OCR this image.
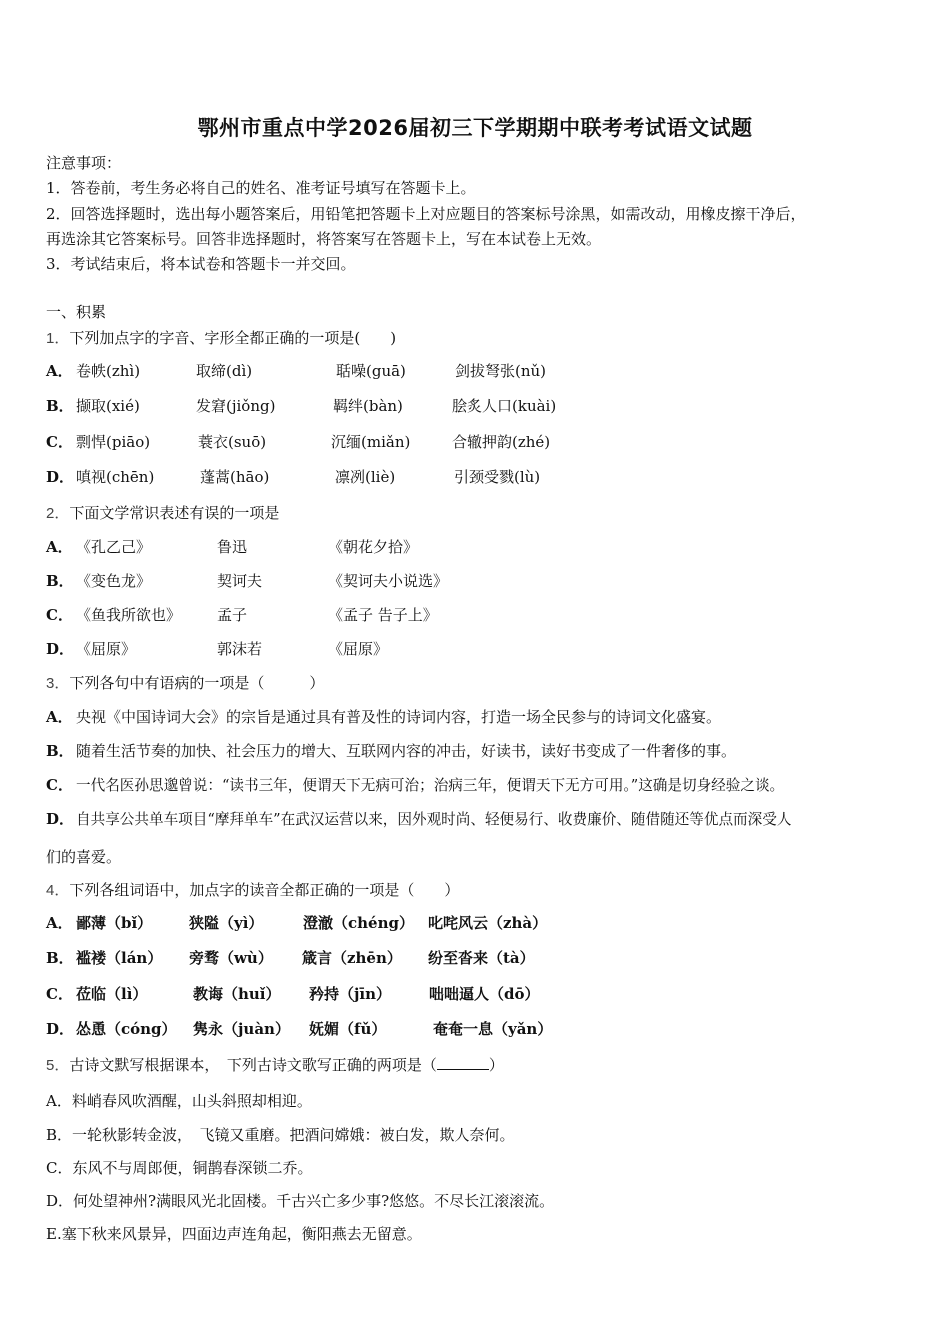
鄂州市重点中学2026届初三下学期期中联考考试语文试题
注意事项：
1．答卷前，考生务必将自己的姓名、准考证号填写在答题卡上。
2．回答选择题时，选出每小题答案后，用铅笔把答题卡上对应题目的答案标号涂黑，如需改动，用橡皮擦干净后，
再选涂其它答案标号。回答非选择题时，将答案写在答题卡上，写在本试卷上无效。
3．考试结束后，将本试卷和答题卡一并交回。
一、积累
1．下列加点字的字音、字形全都正确的一项是(　　)
A． 卷帙(zhì)	取缔(dì)	聒噪(guā)	剑拔弩张(nǔ)
B． 撷取(xié)	发窘(jiǒng)	羁绊(bàn)	脍炙人口(kuài)
C． 剽悍(piāo)	蓑衣(suō)	沉缅(miǎn)	合辙押韵(zhé)
D． 嗔视(chēn)	蓬蒿(hāo)	凛冽(liè)	引颈受戮(lù)
2．下面文学常识表述有误的一项是
A． 《孔乙己》	鲁迅	《朝花夕拾》
B． 《变色龙》	契诃夫	《契诃夫小说选》
C． 《鱼我所欲也》 孟子	《孟子 告子上》
D． 《屈原》	郭沫若	《屈原》
3．下列各句中有语病的一项是（　　　）
A． 央视《中国诗词大会》的宗旨是通过具有普及性的诗词内容，打造一场全民参与的诗词文化盛宴。
B． 随着生活节奏的加快、社会压力的增大、互联网内容的冲击，好读书，读好书变成了一件奢侈的事。
C． 一代名医孙思邈曾说：“读书三年，便谓天下无病可治；治病三年，便谓天下无方可用。”这确是切身经验之谈。
D． 自共享公共单车项目“摩拜单车”在武汉运营以来，因外观时尚、轻便易行、收费廉价、随借随还等优点而深受人
们的喜爱。
4．下列各组词语中，加点字的读音全都正确的一项是（　　）
A． 鄙薄（bǐ） 狭隘（yì）	澄澈（chéng） 叱咤风云（zhà）
B． 褴褛（lán） 旁骛（wù） 箴言（zhēn） 纷至沓来（tà）
C． 莅临（lì）	教诲（huǐ） 矜持（jīn）	咄咄逼人（dō）
D． 怂恿（cóng） 隽永（juàn） 妩媚（fǔ）	奄奄一息（yǎn）
5．古诗文默写根据课本，　下列古诗文歌写正确的两项是（	）
A．料峭春风吹酒醒，山头斜照却相迎。
B．一轮秋影转金波，　飞镜又重磨。把酒问嫦娥：被白发，欺人奈何。
C．东风不与周郎便，铜鹊春深锁二乔。
D．何处望神州?满眼风光北固楼。千古兴亡多少事?悠悠。不尽长江滚滚流。
E.塞下秋来风景异，四面边声连角起，衡阳燕去无留意。
